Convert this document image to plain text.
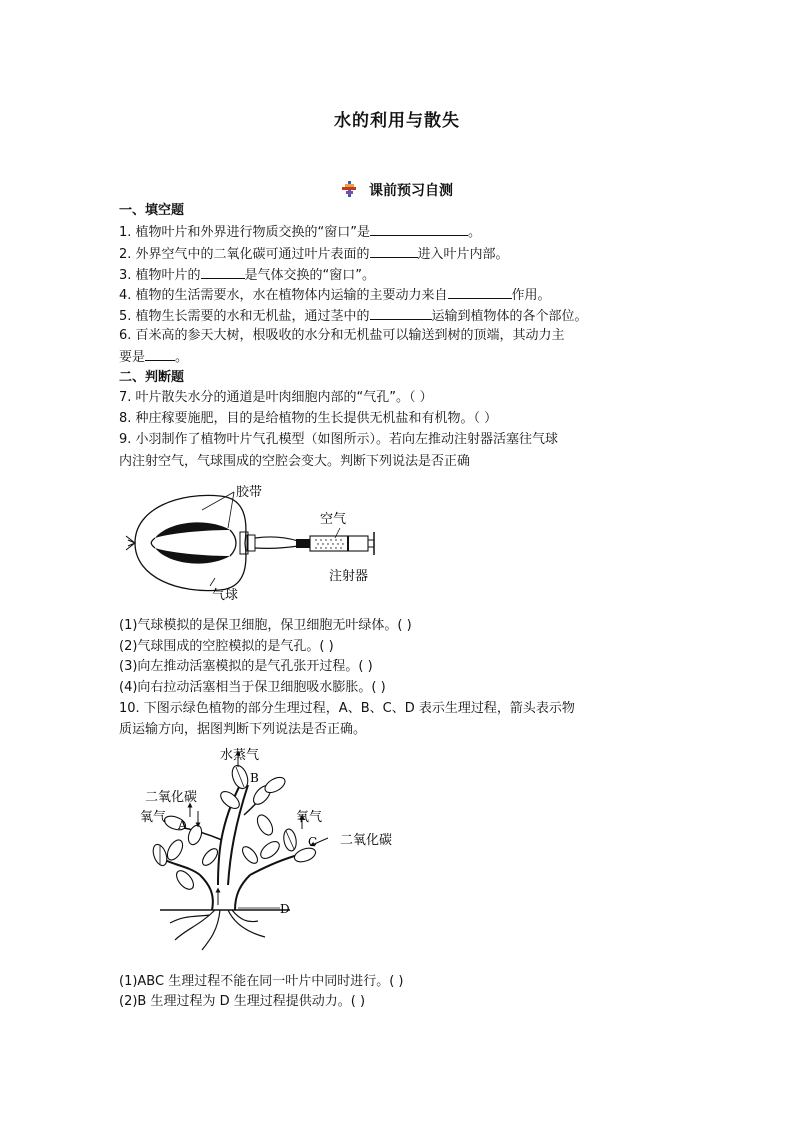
水的利用与散失
课前预习自测
一、填空题
1. 植物叶片和外界进行物质交换的“窗口”是	。
2. 外界空气中的二氧化碳可通过叶片表面的	进入叶片内部。
3. 植物叶片的	是气体交换的“窗口”。
4. 植物的生活需要水，水在植物体内运输的主要动力来自	作用。
5. 植物生长需要的水和无机盐，通过茎中的	运输到植物体的各个部位。
6. 百米高的参天大树，根吸收的水分和无机盐可以输送到树的顶端，其动力主
要是 。
二、判断题
7. 叶片散失水分的通道是叶肉细胞内部的“气孔”。（ ）
8. 种庄稼要施肥，目的是给植物的生长提供无机盐和有机物。（ ）
9. 小羽制作了植物叶片气孔模型（如图所示）。若向左推动注射器活塞往气球
内注射空气，气球围成的空腔会变大。判断下列说法是否正确
胶带
空气
注射器
气球
(1)气球模拟的是保卫细胞，保卫细胞无叶绿体。( )
(2)气球围成的空腔模拟的是气孔。( )
(3)向左推动活塞模拟的是气孔张开过程。( )
(4)向右拉动活塞相当于保卫细胞吸水膨胀。( )
10. 下图示绿色植物的部分生理过程，A、B、C、D 表示生理过程，箭头表示物
质运输方向，据图判断下列说法是否正确。
水蒸气
B
二氧化碳
氧气 A	氧气
C 二氧化碳
D
(1)ABC 生理过程不能在同一叶片中同时进行。( )
(2)B 生理过程为 D 生理过程提供动力。( )
